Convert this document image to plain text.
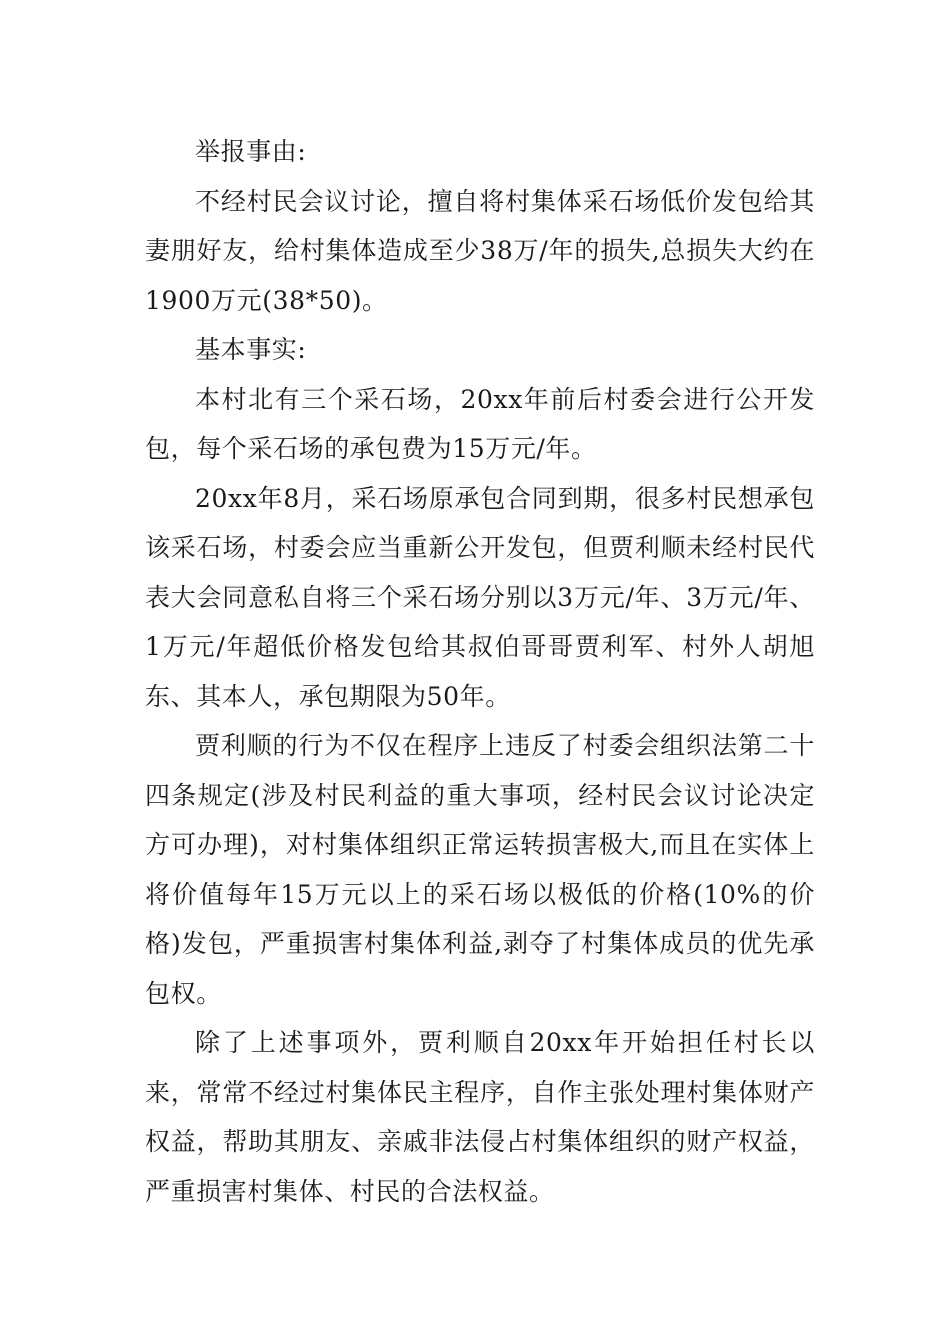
举报事由:

不经村民会议讨论，擅自将村集体采石场低价发包给其妻朋好友，给村集体造成至少38万/年的损失,总损失大约在1900万元(38*50)。

基本事实:

本村北有三个采石场，20xx年前后村委会进行公开发包，每个采石场的承包费为15万元/年。

20xx年8月，采石场原承包合同到期，很多村民想承包该采石场，村委会应当重新公开发包，但贾利顺未经村民代表大会同意私自将三个采石场分别以3万元/年、3万元/年、1万元/年超低价格发包给其叔伯哥哥贾利军、村外人胡旭东、其本人，承包期限为50年。

贾利顺的行为不仅在程序上违反了村委会组织法第二十四条规定(涉及村民利益的重大事项，经村民会议讨论决定方可办理)，对村集体组织正常运转损害极大,而且在实体上将价值每年15万元以上的采石场以极低的价格(10%的价格)发包，严重损害村集体利益,剥夺了村集体成员的优先承包权。

除了上述事项外，贾利顺自20xx年开始担任村长以来，常常不经过村集体民主程序，自作主张处理村集体财产权益，帮助其朋友、亲戚非法侵占村集体组织的财产权益，严重损害村集体、村民的合法权益。
